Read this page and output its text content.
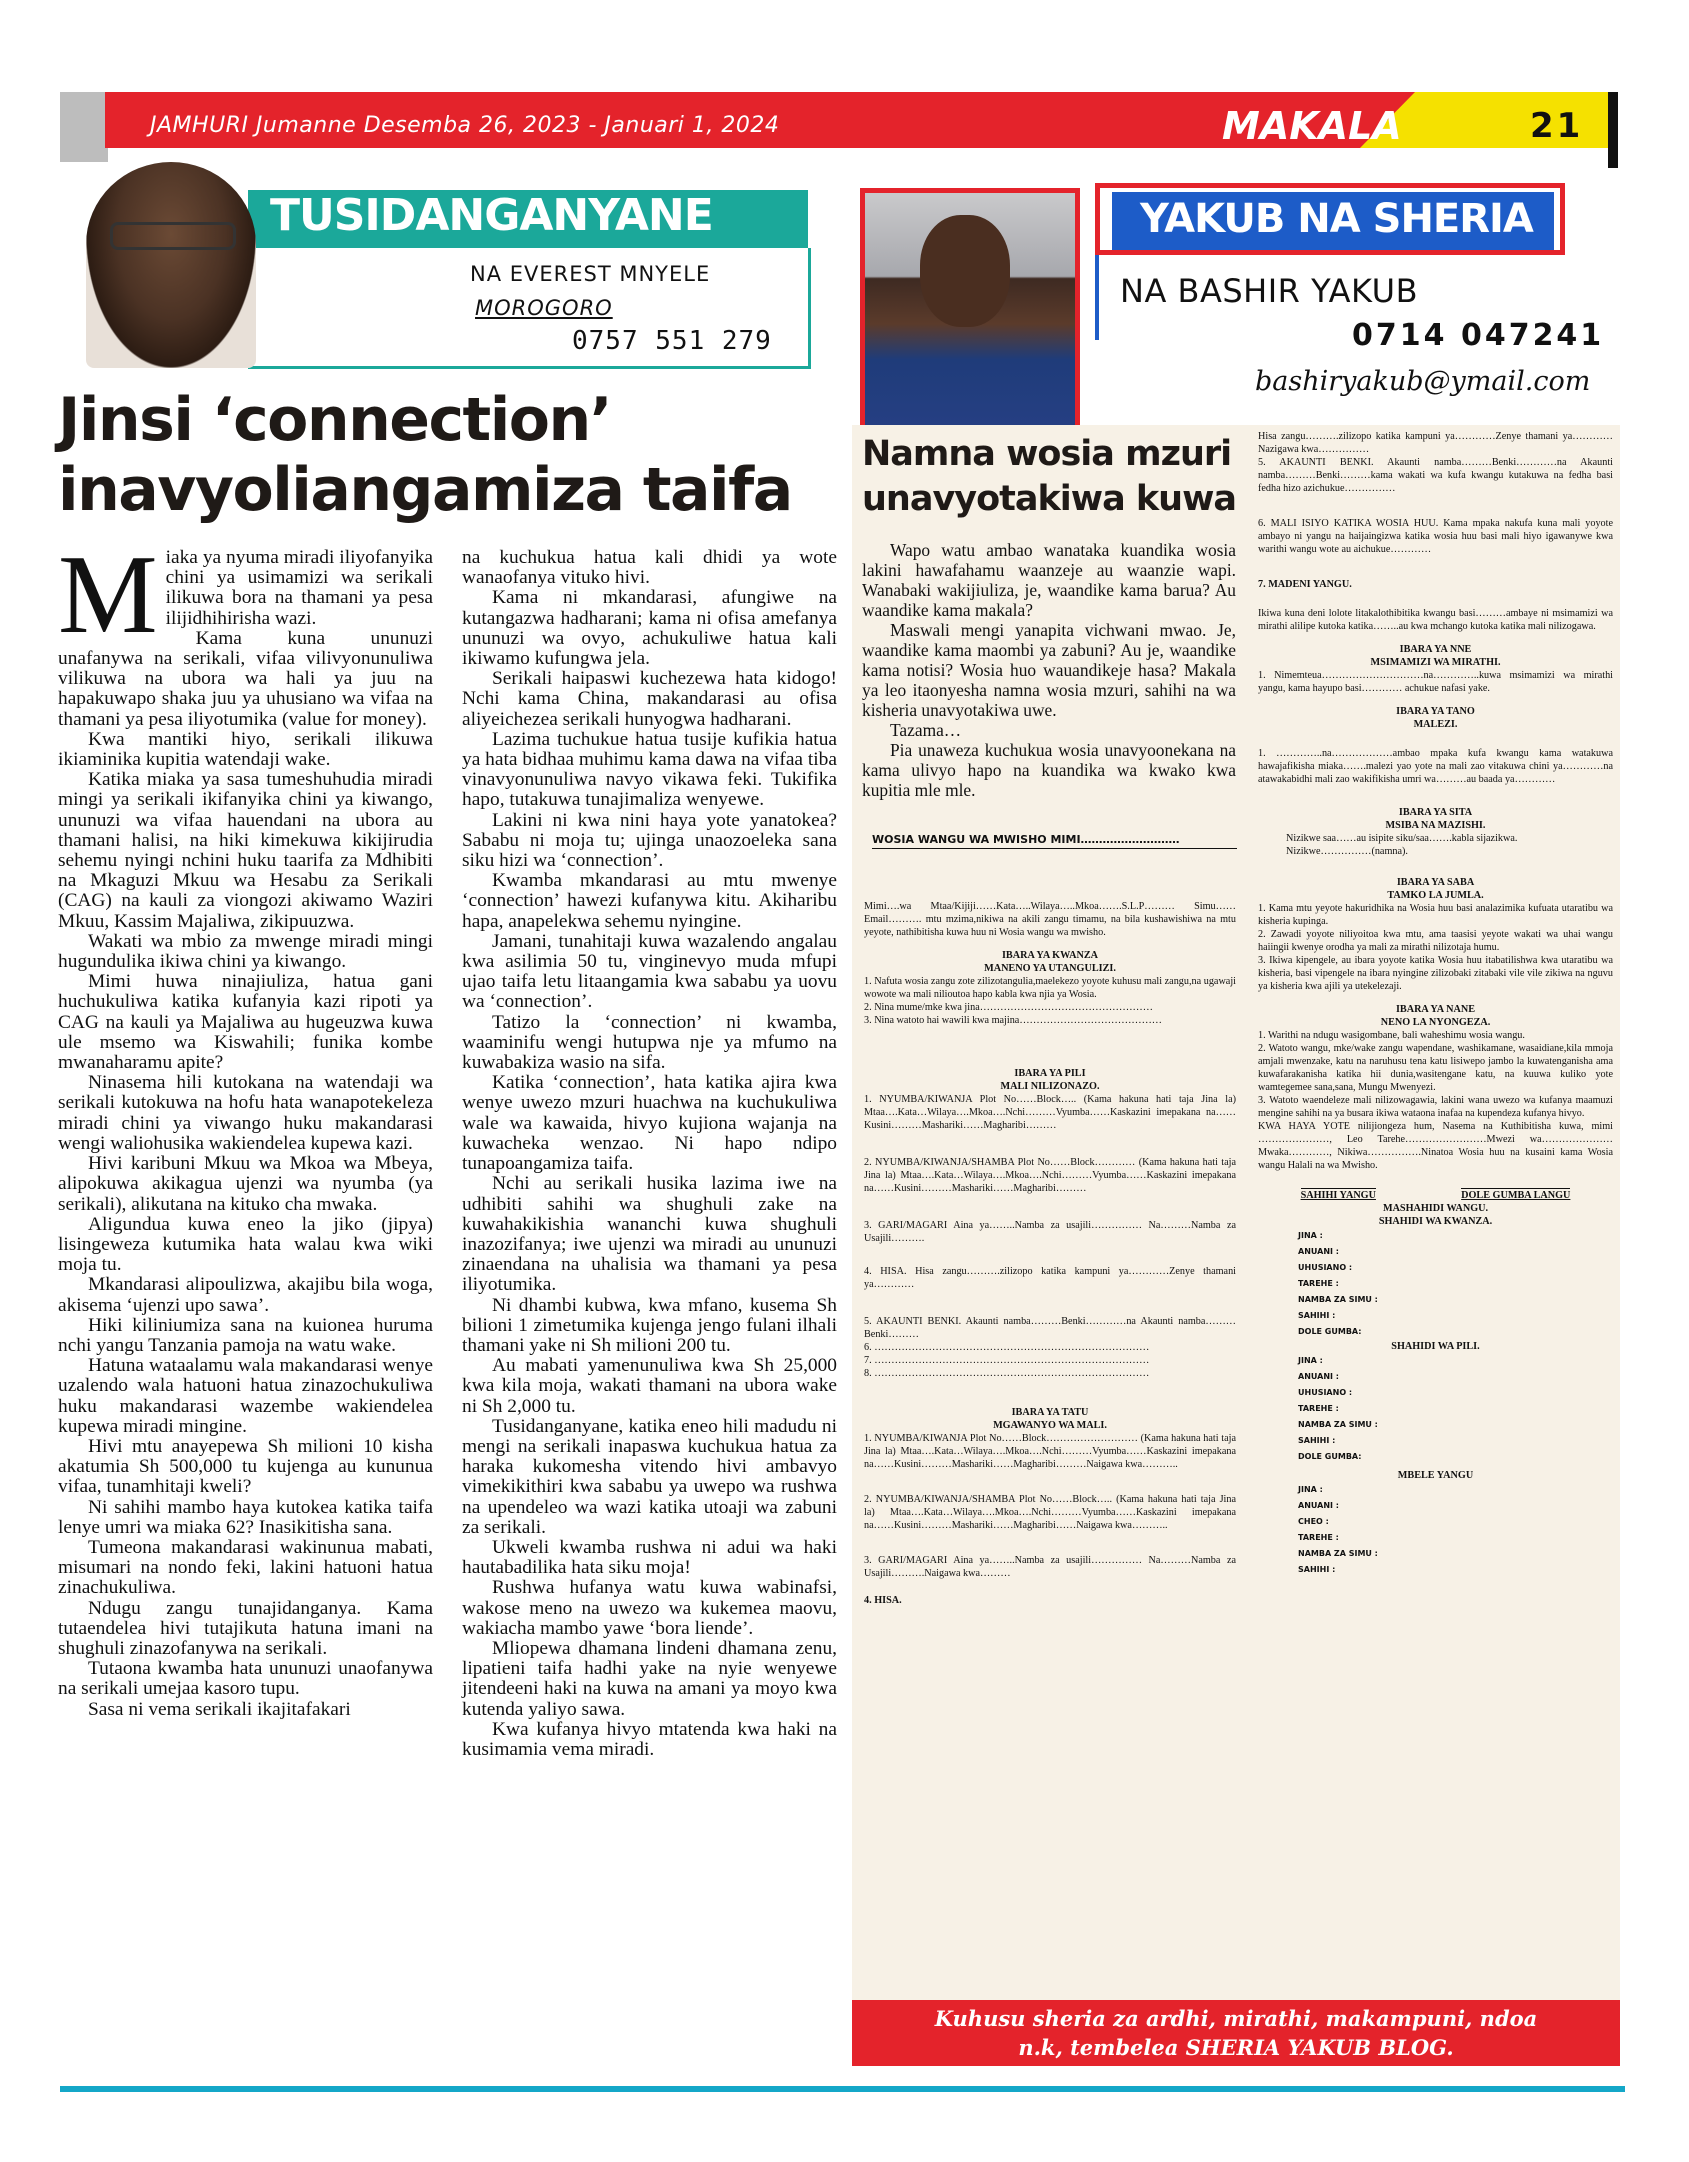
JAMHURI Jumanne Desemba 26, 2023 - Januari 1, 2024	MAKALA	21
TUSIDANGANYANE
NA EVEREST MNYELE
MOROGORO
0757 551 279
Jinsi ‘connection’ inavyoliangamiza taifa
M iaka ya nyuma miradi iliyofanyika chini ya usimamizi wa serikali ilikuwa bora na thamani ya pesa ilijidhihirisha wazi.

Kama kuna ununuzi unafanywa na serikali, vifaa vilivyonunuliwa vilikuwa na ubora wa hali ya juu na hapakuwapo shaka juu ya uhusiano wa vifaa na thamani ya pesa iliyotumika (value for money).

Kwa mantiki hiyo, serikali ilikuwa ikiaminika kupitia watendaji wake.

Katika miaka ya sasa tumeshuhudia miradi mingi ya serikali ikifanyika chini ya kiwango, ununuzi wa vifaa hauendani na ubora au thamani halisi, na hiki kimekuwa kikijirudia sehemu nyingi nchini huku taarifa za Mdhibiti na Mkaguzi Mkuu wa Hesabu za Serikali (CAG) na kauli za viongozi akiwamo Waziri Mkuu, Kassim Majaliwa, zikipuuzwa.

Wakati wa mbio za mwenge miradi mingi hugundulika ikiwa chini ya kiwango.

Mimi huwa ninajiuliza, hatua gani huchukuliwa katika kufanyia kazi ripoti ya CAG na kauli ya Majaliwa au hugeuzwa kuwa ule msemo wa Kiswahili; funika kombe mwanaharamu apite?

Ninasema hili kutokana na watendaji wa serikali kutokuwa na hofu hata wanapotekeleza miradi chini ya viwango huku makandarasi wengi waliohusika wakiendelea kupewa kazi.

Hivi karibuni Mkuu wa Mkoa wa Mbeya, alipokuwa akikagua ujenzi wa nyumba (ya serikali), alikutana na kituko cha mwaka.

Aligundua kuwa eneo la jiko (jipya) lisingeweza kutumika hata walau kwa wiki moja tu.

Mkandarasi alipoulizwa, akajibu bila woga, akisema ‘ujenzi upo sawa’.

Hiki kiliniumiza sana na kuionea huruma nchi yangu Tanzania pamoja na watu wake.

Hatuna wataalamu wala makandarasi wenye uzalendo wala hatuoni hatua zinazochukuliwa huku makandarasi wazembe wakiendelea kupewa miradi mingine.

Hivi mtu anayepewa Sh milioni 10 kisha akatumia Sh 500,000 tu kujenga au kununua vifaa, tunamhitaji kweli?

Ni sahihi mambo haya kutokea katika taifa lenye umri wa miaka 62? Inasikitisha sana.

Tumeona makandarasi wakinunua mabati, misumari na nondo feki, lakini hatuoni hatua zinachukuliwa.

Ndugu zangu tunajidanganya. Kama tutaendelea hivi tutajikuta hatuna imani na shughuli zinazofanywa na serikali.

Tutaona kwamba hata ununuzi unaofanywa na serikali umejaa kasoro tupu.

Sasa ni vema serikali ikajitafakari

na kuchukua hatua kali dhidi ya wote wanaofanya vituko hivi.

Kama ni mkandarasi, afungiwe na kutangazwa hadharani; kama ni ofisa amefanya ununuzi wa ovyo, achukuliwe hatua kali ikiwamo kufungwa jela.

Serikali haipaswi kuchezewa hata kidogo! Nchi kama China, makandarasi au ofisa aliyeichezea serikali hunyogwa hadharani.

Lazima tuchukue hatua tusije kufikia hatua ya hata bidhaa muhimu kama dawa na vifaa tiba vinavyonunuliwa navyo vikawa feki. Tukifika hapo, tutakuwa tunajimaliza wenyewe.

Lakini ni kwa nini haya yote yanatokea? Sababu ni moja tu; ujinga unaozoeleka sana siku hizi wa ‘connection’.

Kwamba mkandarasi au mtu mwenye ‘connection’ hawezi kufanywa kitu. Akiharibu hapa, anapelekwa sehemu nyingine.

Jamani, tunahitaji kuwa wazalendo angalau kwa asilimia 50 tu, vinginevyo muda mfupi ujao taifa letu litaangamia kwa sababu ya uovu wa ‘connection’.

Tatizo la ‘connection’ ni kwamba, waaminifu wengi hutupwa nje ya mfumo na kuwabakiza wasio na sifa.

Katika ‘connection’, hata katika ajira kwa wenye uwezo mzuri huachwa na kuchukuliwa wale wa kawaida, hivyo kujiona wajanja na kuwacheka wenzao. Ni hapo ndipo tunapoangamiza taifa.

Nchi au serikali husika lazima iwe na udhibiti sahihi wa shughuli zake na kuwahakikishia wananchi kuwa shughuli inazozifanya; iwe ujenzi wa miradi au ununuzi zinaendana na uhalisia wa thamani ya pesa iliyotumika.

Ni dhambi kubwa, kwa mfano, kusema Sh bilioni 1 zimetumika kujenga jengo fulani ilhali thamani yake ni Sh milioni 200 tu.

Au mabati yamenunuliwa kwa Sh 25,000 kwa kila moja, wakati thamani na ubora wake ni Sh 2,000 tu.

Tusidanganyane, katika eneo hili madudu ni mengi na serikali inapaswa kuchukua hatua za haraka kukomesha vitendo hivi ambavyo vimekikithiri kwa sababu ya uwepo wa rushwa na upendeleo wa wazi katika utoaji wa zabuni za serikali.

Ukweli kwamba rushwa ni adui wa haki hautabadilika hata siku moja!

Rushwa hufanya watu kuwa wabinafsi, wakose meno na uwezo wa kukemea maovu, wakiacha mambo yawe ‘bora liende’.

Mliopewa dhamana lindeni dhamana zenu, lipatieni taifa hadhi yake na nyie wenyewe jitendeeni haki na kuwa na amani ya moyo kwa kutenda yaliyo sawa.

Kwa kufanya hivyo mtatenda kwa haki na kusimamia vema miradi.

YAKUB NA SHERIA
NA BASHIR YAKUB
0714 047241
bashiryakub@ymail.com
Namna wosia mzuri unavyotakiwa kuwa

Wapo watu ambao wanataka kuandika wosia lakini hawafahamu waanzeje au waanzie wapi. Wanabaki wakijiuliza, je, waandike kama barua? Au waandike kama makala?

Maswali mengi yanapita vichwani mwao. Je, waandike kama maombi ya zabuni? Au je, waandike kama notisi? Wosia huo wauandikeje hasa? Makala ya leo itaonyesha namna wosia mzuri, sahihi na wa kisheria unavyotakiwa uwe.

Tazama…

Pia unaweza kuchukua wosia unavyoonekana na kama ulivyo hapo na kuandika wa kwako kwa kupitia mle mle.

WOSIA WANGU WA MWISHO MIMI………………………

Mimi….wa Mtaa/Kijiji……Kata…..Wilaya…..Mkoa…….S.L.P……… Simu……Email………. mtu mzima,nikiwa na akili zangu timamu, na bila kushawishiwa na mtu yeyote, nathibitisha kuwa huu ni Wosia wangu wa mwisho.

IBARA YA KWANZA

MANENO YA UTANGULIZI.

1. Nafuta wosia zangu zote zilizotangulia,maelekezo yoyote kuhusu mali zangu,na ugawaji wowote wa mali nilioutoa hapo kabla kwa njia ya Wosia.

2. Nina mume/mke kwa jina……………………………………………

3. Nina watoto hai wawili kwa majina……………………………………

IBARA YA PILI

MALI NILIZONAZO.

1. NYUMBA/KIWANJA Plot No……Block….. (Kama hakuna hati taja Jina la) Mtaa….Kata…Wilaya….Mkoa….Nchi………Vyumba……Kaskazini imepakana na……Kusini………Mashariki……Magharibi………

2. NYUMBA/KIWANJA/SHAMBA Plot No……Block………… (Kama hakuna hati taja Jina la) Mtaa….Kata…Wilaya….Mkoa….Nchi………Vyumba……Kaskazini imepakana na……Kusini………Mashariki……Magharibi………

3. GARI/MAGARI Aina ya……..Namba za usajili…………… Na………Namba za Usajili……….

4. HISA. Hisa zangu……….zilizopo katika kampuni ya…………Zenye thamani ya…………

5. AKAUNTI BENKI. Akaunti namba………Benki…………na Akaunti namba………Benki………

6. ………………………………………………………………………

7. ………………………………………………………………………

8. ………………………………………………………………………

IBARA YA TATU

MGAWANYO WA MALI.

1. NYUMBA/KIWANJA Plot No……Block……………………… (Kama hakuna hati taja Jina la) Mtaa….Kata…Wilaya….Mkoa….Nchi………Vyumba……Kaskazini imepakana na……Kusini………Mashariki……Magharibi………Naigawa kwa………..

2. NYUMBA/KIWANJA/SHAMBA Plot No……Block….. (Kama hakuna hati taja Jina la) Mtaa….Kata…Wilaya….Mkoa….Nchi………Vyumba……Kaskazini imepakana na……Kusini………Mashariki……Magharibi……Naigawa kwa………..

3. GARI/MAGARI Aina ya……..Namba za usajili…………… Na………Namba za Usajili……….Naigawa kwa………

4. HISA.

Hisa zangu……….zilizopo katika kampuni ya…………Zenye thamani ya…………Nazigawa kwa……………

5. AKAUNTI BENKI. Akaunti namba………Benki…………na Akaunti namba………Benki………kama wakati wa kufa kwangu kutakuwa na fedha basi fedha hizo azichukue……………

6. MALI ISIYO KATIKA WOSIA HUU. Kama mpaka nakufa kuna mali yoyote ambayo ni yangu na haijaingizwa katika wosia huu basi mali hiyo igawanywe kwa warithi wangu wote au aichukue…………

7. MADENI YANGU.

Ikiwa kuna deni lolote litakalothibitika kwangu basi………ambaye ni msimamizi wa mirathi alilipe kutoka katika……..au kwa mchango kutoka katika mali nilizogawa.

IBARA YA NNE

MSIMAMIZI WA MIRATHI.

1. Nimemteua…………………………na…………..kuwa msimamizi wa mirathi yangu, kama hayupo basi………… achukue nafasi yake.

IBARA YA TANO

MALEZI.

1. …………..na………………ambao mpaka kufa kwangu kama watakuwa hawajafikisha miaka…….malezi yao yote na mali zao vitakuwa chini ya…………na atawakabidhi mali zao wakifikisha umri wa………au baada ya…………

IBARA YA SITA

MSIBA NA MAZISHI.

Nizikwe saa……au isipite siku/saa…….kabla sijazikwa.

Nizikwe……………(namna).

IBARA YA SABA

TAMKO LA JUMLA.

1. Kama mtu yeyote hakuridhika na Wosia huu basi analazimika kufuata utaratibu wa kisheria kupinga.

2. Zawadi yoyote niliyoitoa kwa mtu, ama taasisi yeyote wakati wa uhai wangu haiingii kwenye orodha ya mali za mirathi nilizotaja humu.

3. Ikiwa kipengele, au ibara yoyote katika Wosia huu itabatilishwa kwa utaratibu wa kisheria, basi vipengele na ibara nyingine zilizobaki zitabaki vile vile zikiwa na nguvu ya kisheria kwa ajili ya utekelezaji.

IBARA YA NANE

NENO LA NYONGEZA.

1. Warithi na ndugu wasigombane, bali waheshimu wosia wangu.

2. Watoto wangu, mke/wake zangu wapendane, washikamane, wasaidiane,kila mmoja amjali mwenzake, katu na naruhusu tena katu lisiwepo jambo la kuwatenganisha ama kuwafarakanisha katika hii dunia,wasitengane katu, na kuuwa kuliko yote wamtegemee sana,sana, Mungu Mwenyezi.

3. Watoto waendeleze mali nilizowagawia, lakini wana uwezo wa kufanya maamuzi mengine sahihi na ya busara ikiwa wataona inafaa na kupendeza kufanya hivyo.

KWA HAYA YOTE nilijiongeza hum, Nasema na Kuthibitisha kuwa, mimi …………………, Leo Tarehe……………………Mwezi wa…………………Mwaka…………, Nikiwa…………….Ninatoa Wosia huu na kusaini kama Wosia wangu Halali na wa Mwisho.

SAHIHI YANGU	DOLE GUMBA LANGU

MASHAHIDI WANGU.

SHAHIDI WA KWANZA.

JINA :
ANUANI :
UHUSIANO :
TAREHE :
NAMBA ZA SIMU :
SAHIHI :
DOLE GUMBA:

SHAHIDI WA PILI.

JINA :
ANUANI :
UHUSIANO :
TAREHE :
NAMBA ZA SIMU :
SAHIHI :
DOLE GUMBA:

MBELE YANGU

JINA :
ANUANI :
CHEO :
TAREHE :
NAMBA ZA SIMU :
SAHIHI :
Kuhusu sheria za ardhi, mirathi, makampuni, ndoa
n.k, tembelea SHERIA YAKUB BLOG.
